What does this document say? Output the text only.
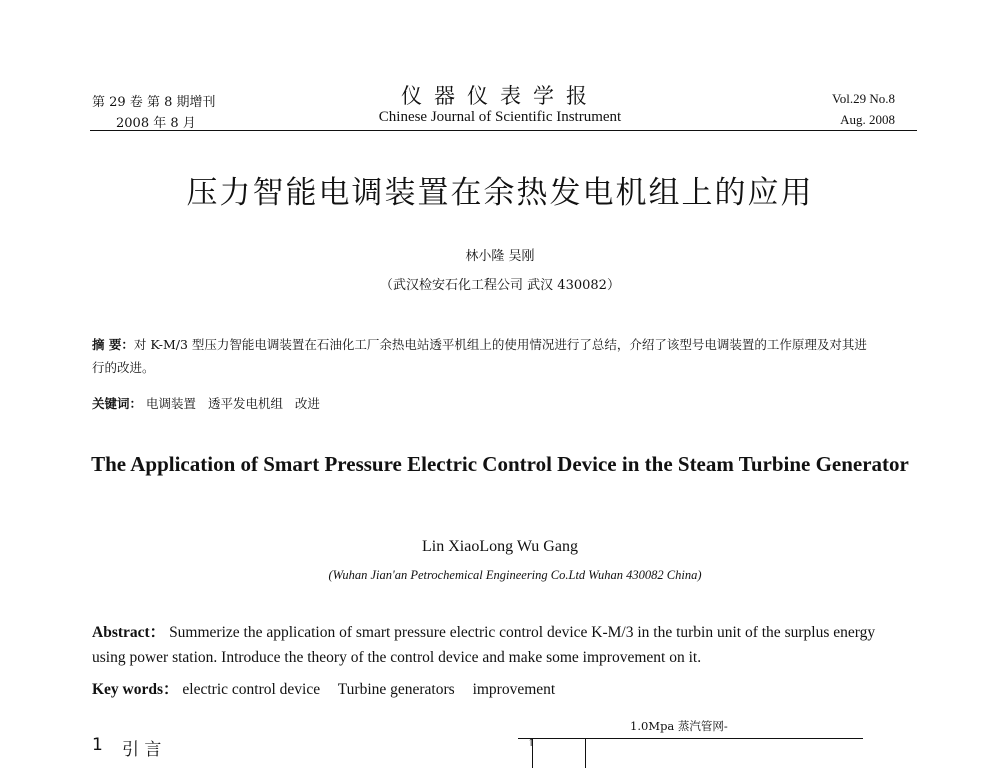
第 29 卷 第 8 期增刊
2008 年 8 月
仪器仪表学报
Chinese Journal of Scientific Instrument
Vol.29 No.8
Aug. 2008
压力智能电调装置在余热发电机组上的应用
林小隆 吴刚
（武汉检安石化工程公司 武汉 430082）
摘 要：对 K-M/3 型压力智能电调装置在石油化工厂余热电站透平机组上的使用情况进行了总结，介绍了该型号电调装置的工作原理及对其进行的改进。
关键词： 电调装置 透平发电机组 改进
The Application of Smart Pressure Electric Control Device in the Steam Turbine Generator
Lin XiaoLong Wu Gang
(Wuhan Jian'an Petrochemical Engineering Co.Ltd Wuhan 430082 China)
Abstract： Summerize the application of smart pressure electric control device K-M/3 in the turbin unit of the surplus energy using power station. Introduce the theory of the control device and make some improvement on it.
Key words： electric control device Turbine generators improvement
1 引 言
1.0Mpa 蒸汽管网-
↑
